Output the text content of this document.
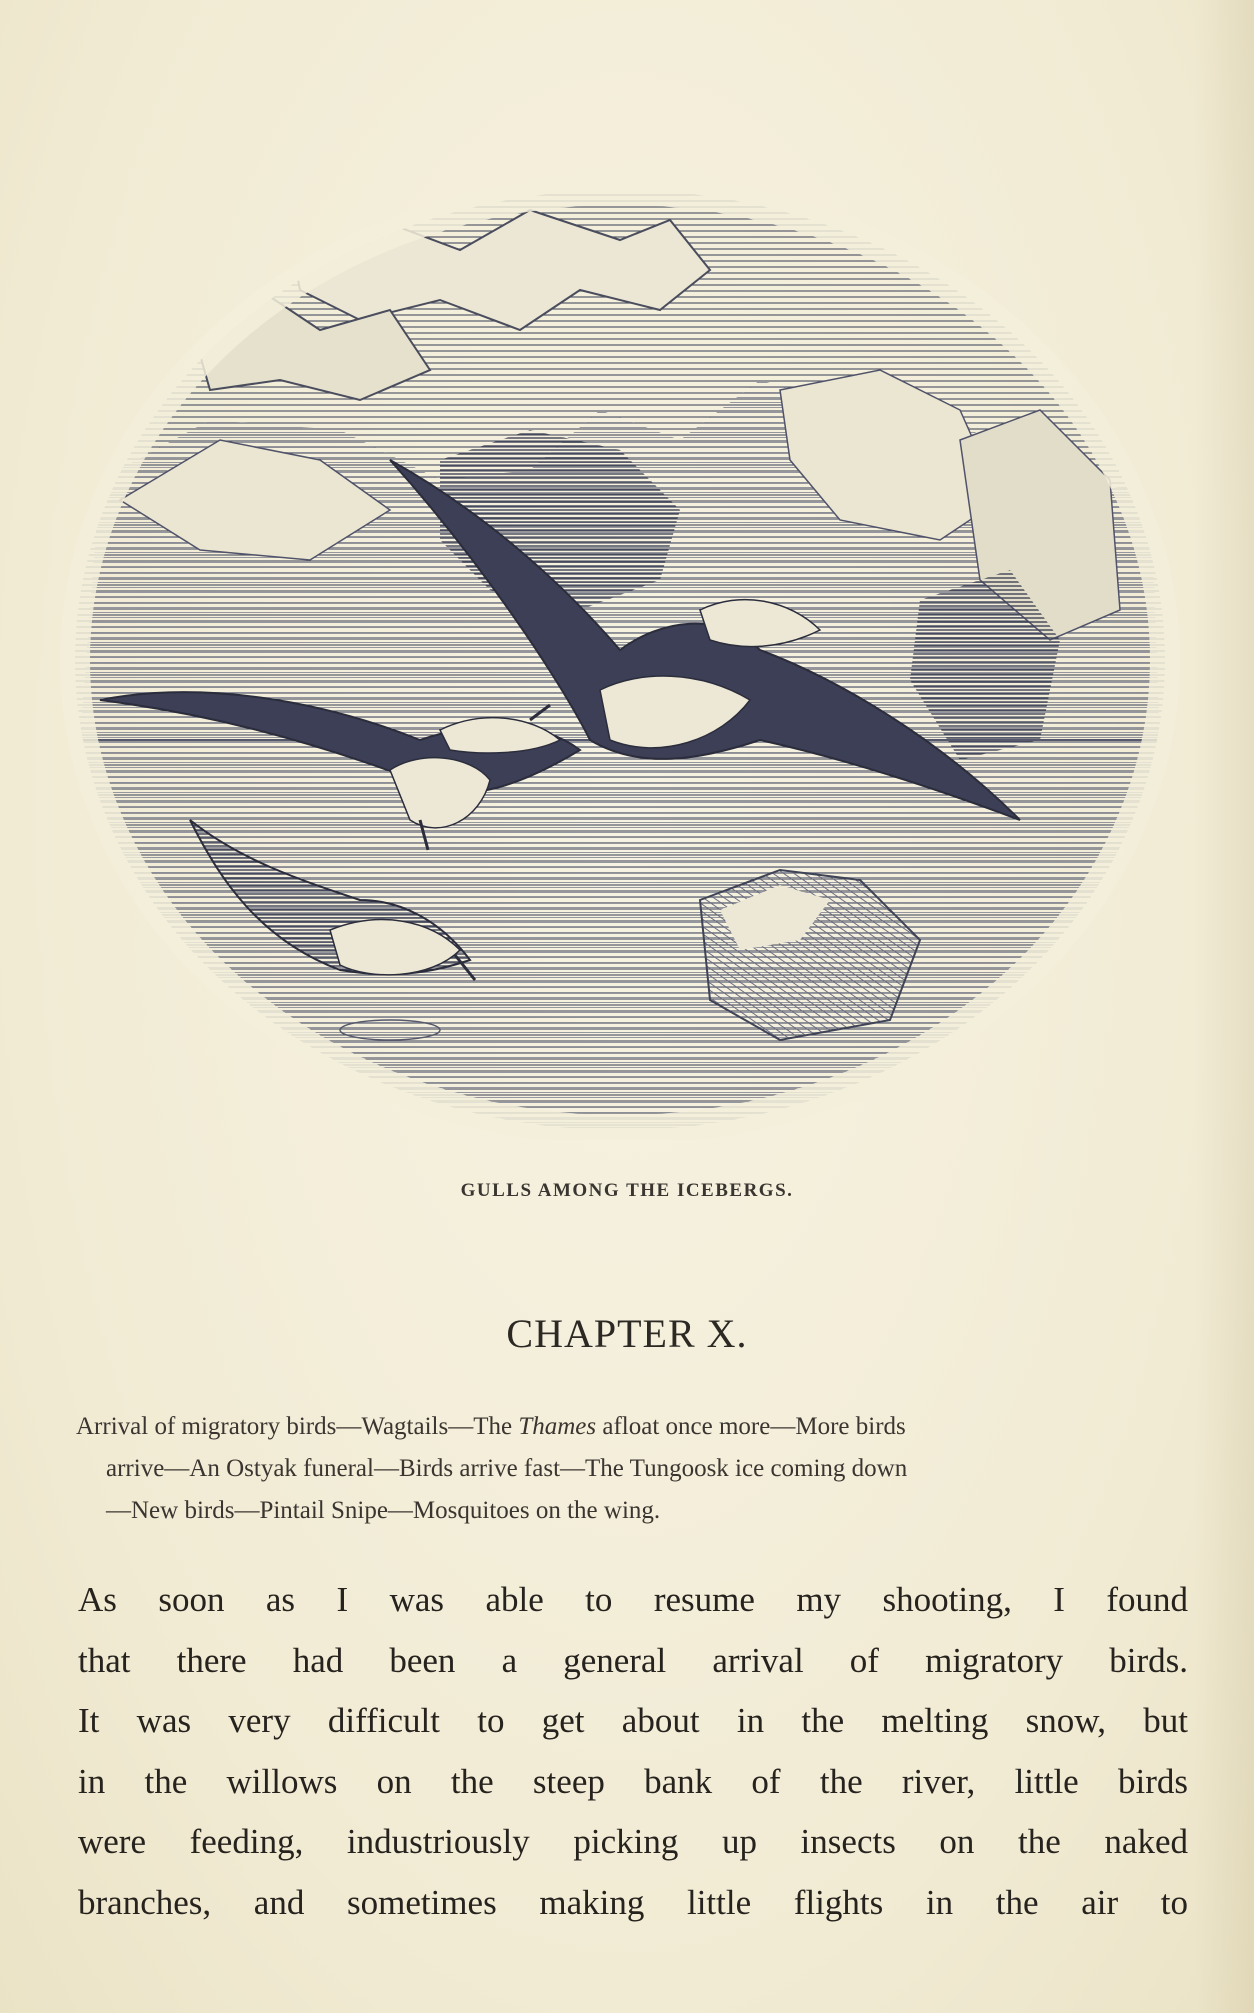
GULLS AMONG THE ICEBERGS.
CHAPTER X.
Arrival of migratory birds—Wagtails—The Thames afloat once more—More birds
arrive—An Ostyak funeral—Birds arrive fast—The Tungoosk ice coming down
—New birds—Pintail Snipe—Mosquitoes on the wing.
As soon as I was able to resume my shooting, I found
that there had been a general arrival of migratory birds.
It was very difficult to get about in the melting snow, but
in the willows on the steep bank of the river, little birds
were feeding, industriously picking up insects on the naked
branches, and sometimes making little flights in the air to
